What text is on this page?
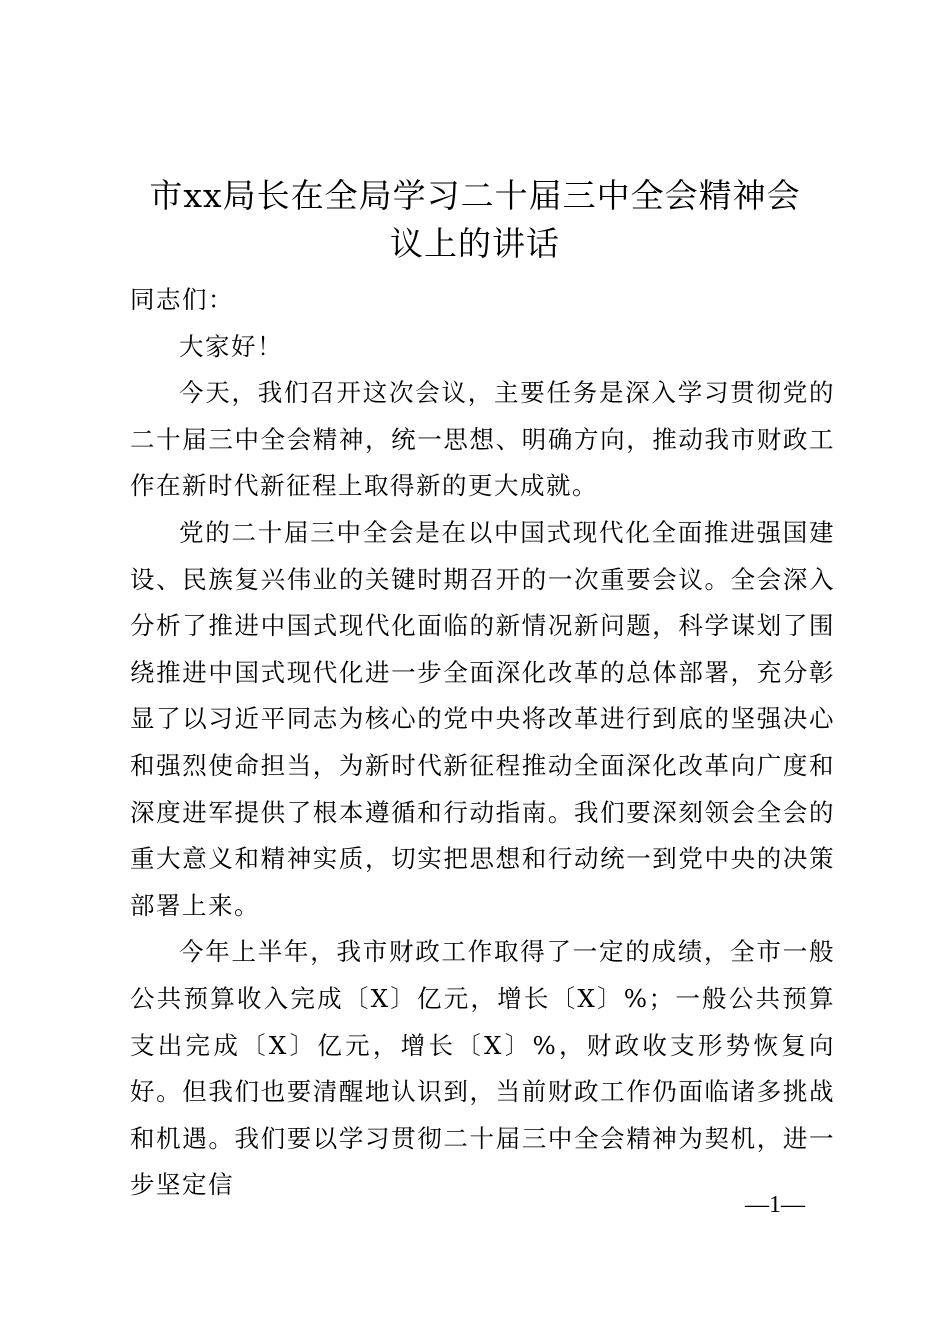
市xx局长在全局学习二十届三中全会精神会
议上的讲话

同志们：

大家好！

今天，我们召开这次会议，主要任务是深入学习贯彻党的二十届三中全会精神，统一思想、明确方向，推动我市财政工作在新时代新征程上取得新的更大成就。

党的二十届三中全会是在以中国式现代化全面推进强国建设、民族复兴伟业的关键时期召开的一次重要会议。全会深入分析了推进中国式现代化面临的新情况新问题，科学谋划了围绕推进中国式现代化进一步全面深化改革的总体部署，充分彰显了以习近平同志为核心的党中央将改革进行到底的坚强决心和强烈使命担当，为新时代新征程推动全面深化改革向广度和深度进军提供了根本遵循和行动指南。我们要深刻领会全会的重大意义和精神实质，切实把思想和行动统一到党中央的决策部署上来。

今年上半年，我市财政工作取得了一定的成绩，全市一般公共预算收入完成〔X〕亿元，增长〔X〕%；一般公共预算支出完成〔X〕亿元，增长〔X〕%，财政收支形势恢复向好。但我们也要清醒地认识到，当前财政工作仍面临诸多挑战和机遇。我们要以学习贯彻二十届三中全会精神为契机，进一步坚定信

—1—
